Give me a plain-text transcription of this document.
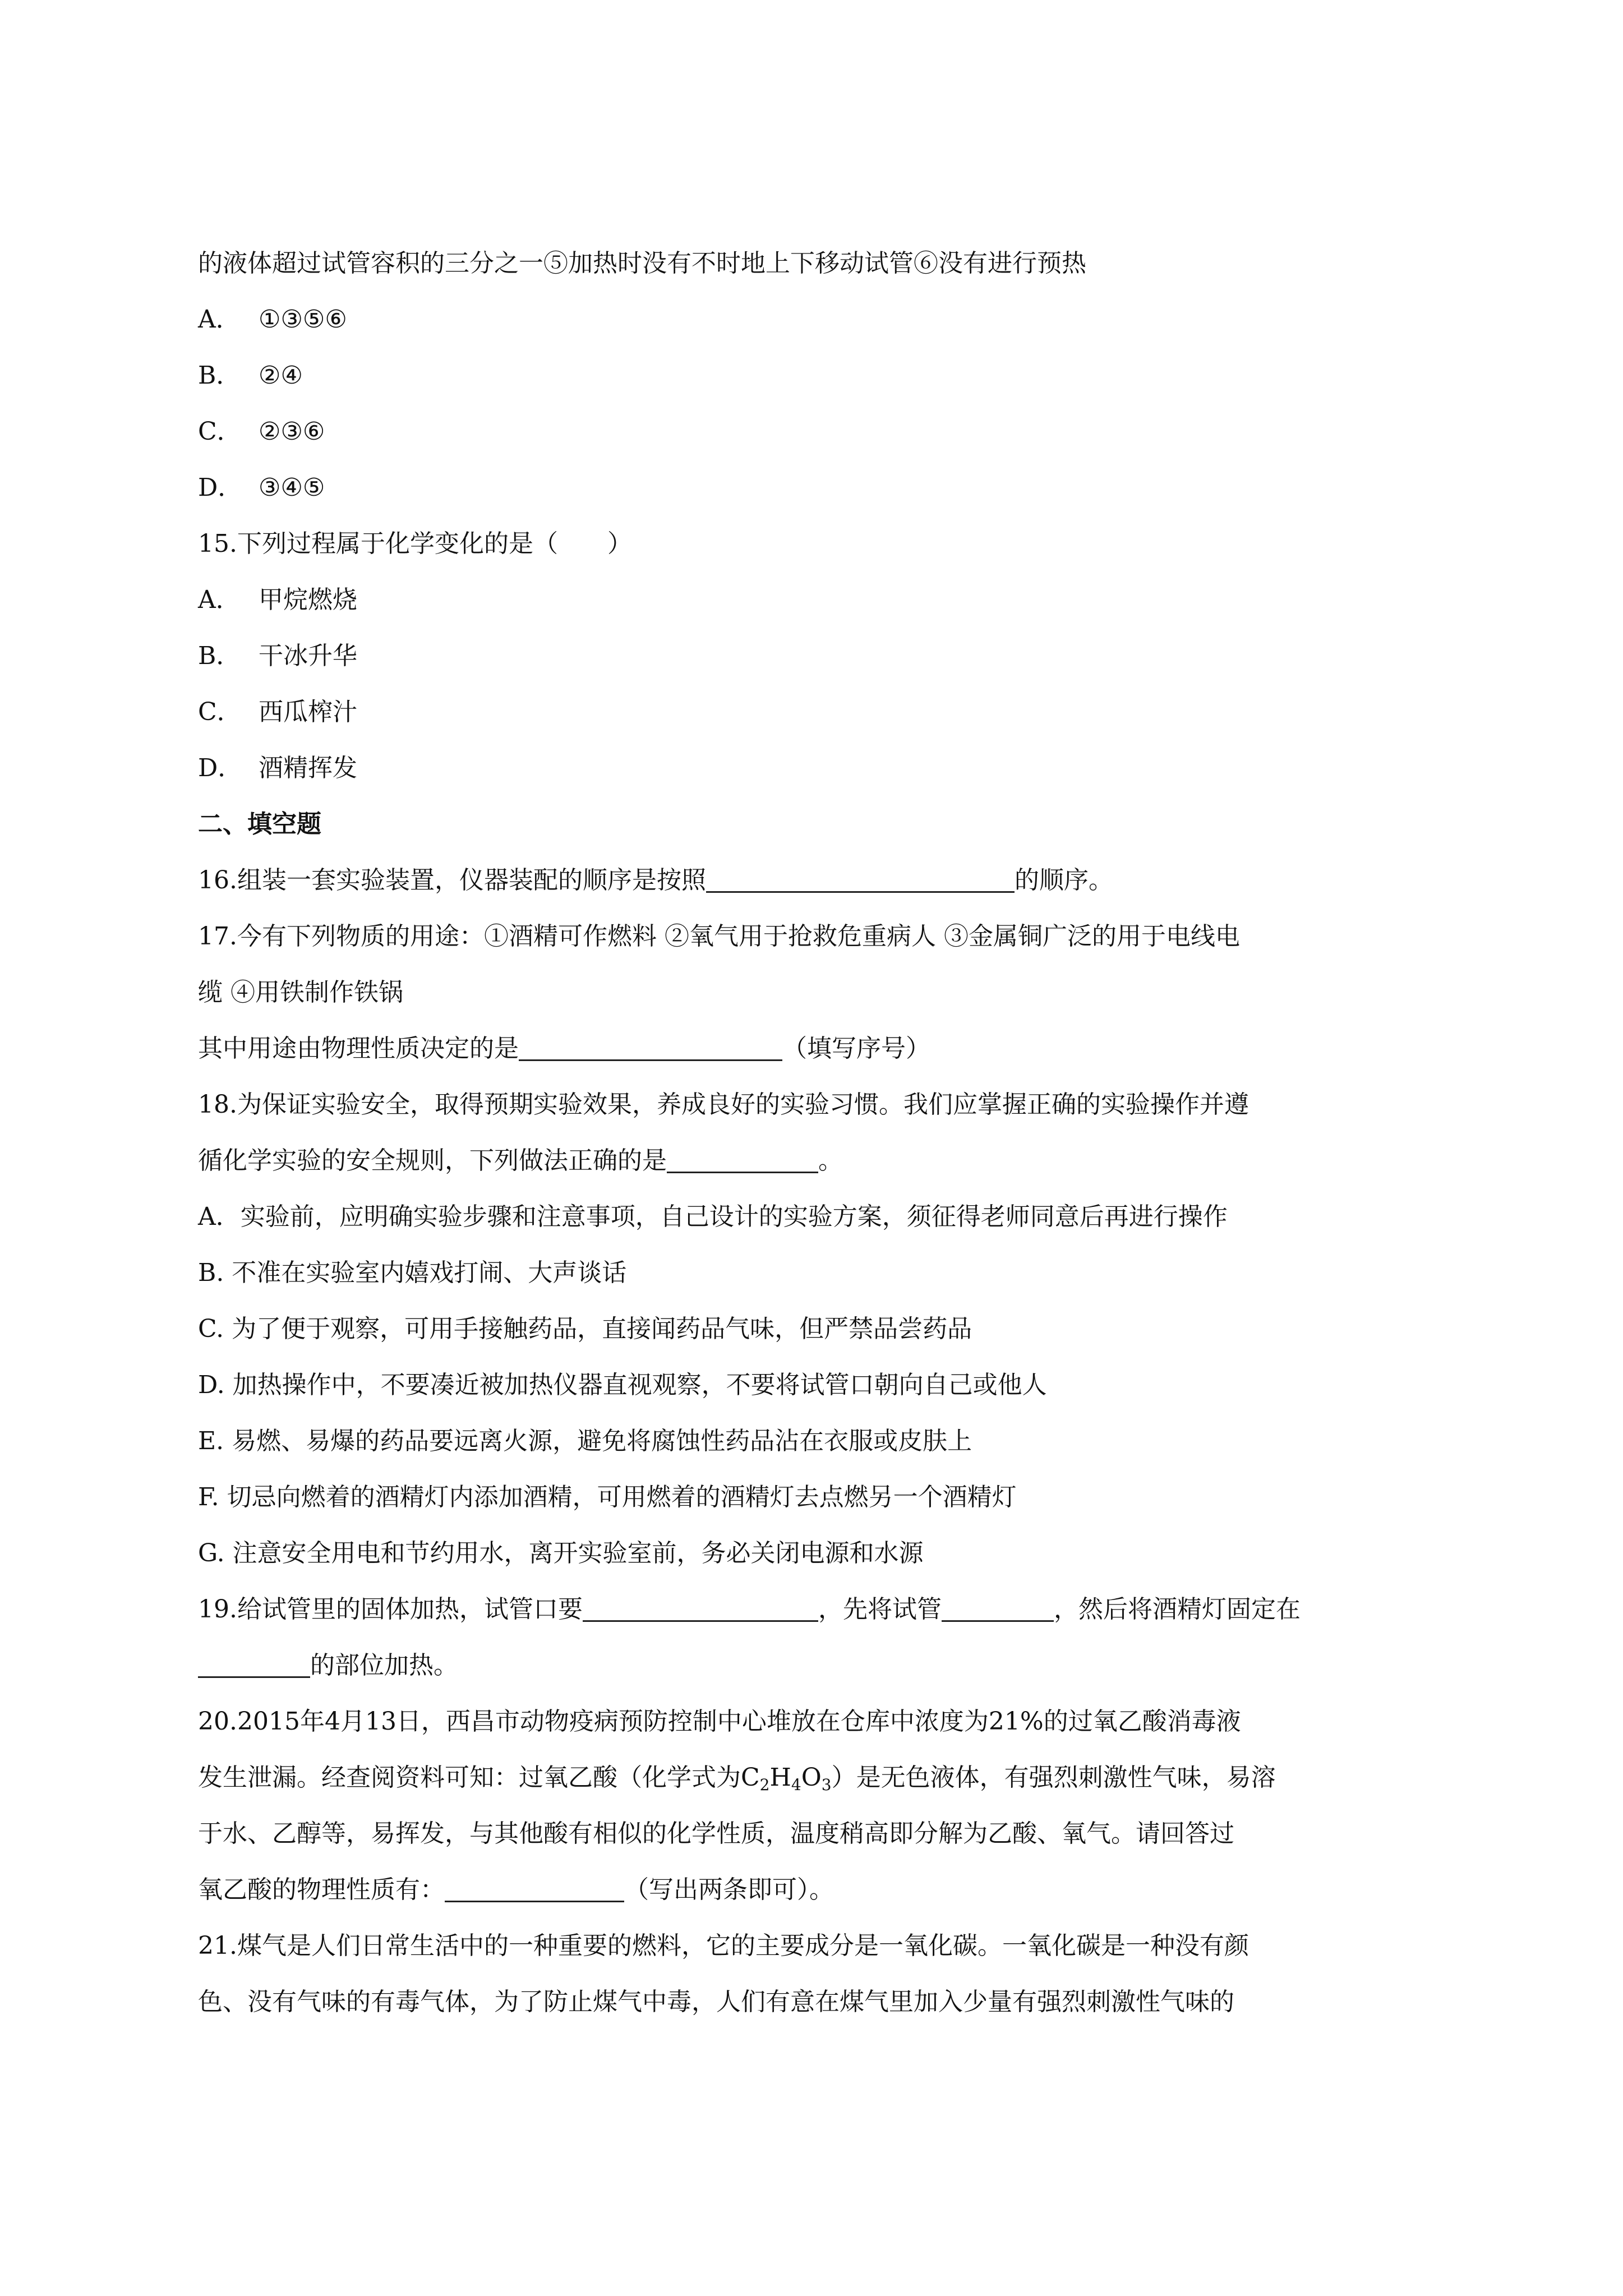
的液体超过试管容积的三分之一⑤加热时没有不时地上下移动试管⑥没有进行预热
A． ①③⑤⑥
B． ②④
C． ②③⑥
D． ③④⑤
15.下列过程属于化学变化的是（　　）
A． 甲烷燃烧
B． 干冰升华
C． 西瓜榨汁
D． 酒精挥发
二、填空题
16.组装一套实验装置，仪器装配的顺序是按照	的顺序。
17.今有下列物质的用途：①酒精可作燃料 ②氧气用于抢救危重病人 ③金属铜广泛的用于电线电
缆 ④用铁制作铁锅
其中用途由物理性质决定的是	（填写序号）
18.为保证实验安全，取得预期实验效果，养成良好的实验习惯。我们应掌握正确的实验操作并遵
循化学实验的安全规则，下列做法正确的是	。
A．实验前，应明确实验步骤和注意事项，自己设计的实验方案，须征得老师同意后再进行操作
B. 不准在实验室内嬉戏打闹、大声谈话
C. 为了便于观察，可用手接触药品，直接闻药品气味，但严禁品尝药品
D. 加热操作中，不要凑近被加热仪器直视观察，不要将试管口朝向自己或他人
E. 易燃、易爆的药品要远离火源，避免将腐蚀性药品沾在衣服或皮肤上
F. 切忌向燃着的酒精灯内添加酒精，可用燃着的酒精灯去点燃另一个酒精灯
G. 注意安全用电和节约用水，离开实验室前，务必关闭电源和水源
19.给试管里的固体加热，试管口要	，先将试管	，然后将酒精灯固定在
的部位加热。
20.2015年4月13日，西昌市动物疫病预防控制中心堆放在仓库中浓度为21%的过氧乙酸消毒液
发生泄漏。经查阅资料可知：过氧乙酸（化学式为$C_2H_4O_3$）是无色液体，有强烈刺激性气味，易溶
于水、乙醇等，易挥发，与其他酸有相似的化学性质，温度稍高即分解为乙酸、氧气。请回答过
氧乙酸的物理性质有：	（写出两条即可）。
21.煤气是人们日常生活中的一种重要的燃料，它的主要成分是一氧化碳。一氧化碳是一种没有颜
色、没有气味的有毒气体，为了防止煤气中毒，人们有意在煤气里加入少量有强烈刺激性气味的
